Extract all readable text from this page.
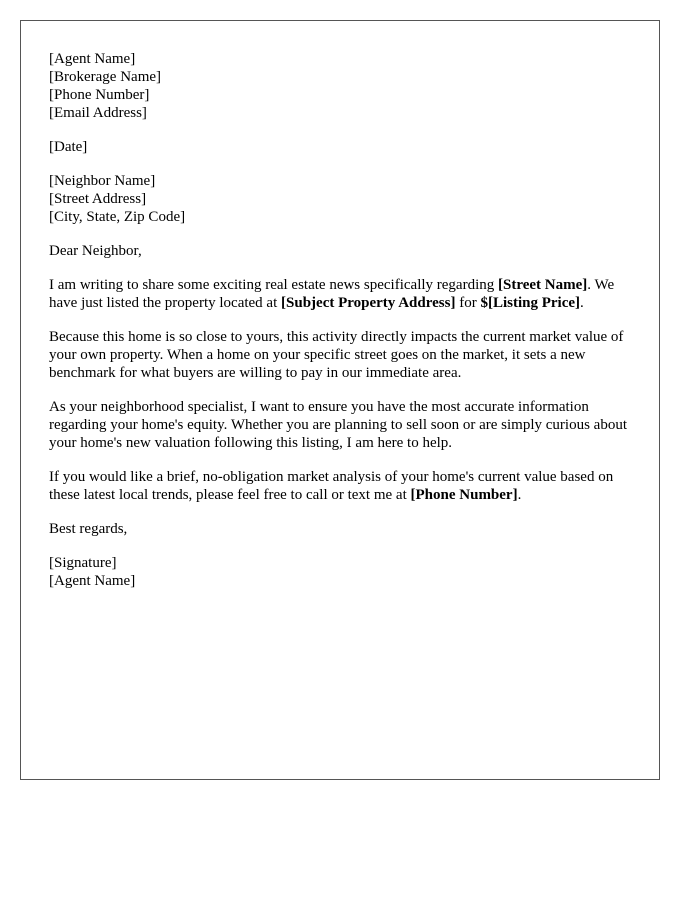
[Agent Name]
[Brokerage Name]
[Phone Number]
[Email Address]
[Date]
[Neighbor Name]
[Street Address]
[City, State, Zip Code]

Dear Neighbor,

I am writing to share some exciting real estate news specifically regarding [Street Name]. We have just listed the property located at [Subject Property Address] for $[Listing Price].

Because this home is so close to yours, this activity directly impacts the current market value of your own property. When a home on your specific street goes on the market, it sets a new benchmark for what buyers are willing to pay in our immediate area.

As your neighborhood specialist, I want to ensure you have the most accurate information regarding your home's equity. Whether you are planning to sell soon or are simply curious about your home's new valuation following this listing, I am here to help.

If you would like a brief, no-obligation market analysis of your home's current value based on these latest local trends, please feel free to call or text me at [Phone Number].

Best regards,

[Signature]
[Agent Name]
